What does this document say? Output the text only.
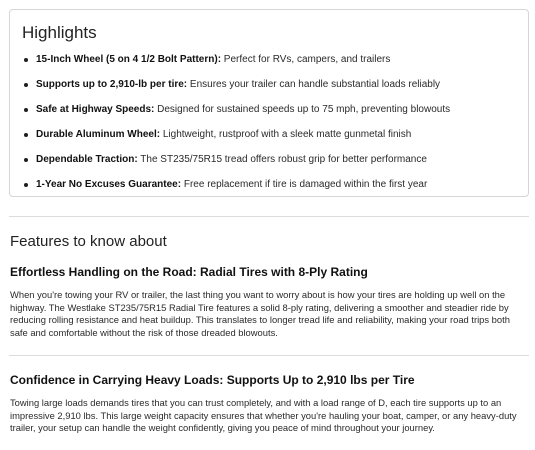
Highlights
15-Inch Wheel (5 on 4 1/2 Bolt Pattern): Perfect for RVs, campers, and trailers
Supports up to 2,910-lb per tire: Ensures your trailer can handle substantial loads reliably
Safe at Highway Speeds: Designed for sustained speeds up to 75 mph, preventing blowouts
Durable Aluminum Wheel: Lightweight, rustproof with a sleek matte gunmetal finish
Dependable Traction: The ST235/75R15 tread offers robust grip for better performance
1-Year No Excuses Guarantee: Free replacement if tire is damaged within the first year
Features to know about
Effortless Handling on the Road: Radial Tires with 8-Ply Rating

When you're towing your RV or trailer, the last thing you want to worry about is how your tires are holding up well on the highway. The Westlake ST235/75R15 Radial Tire features a solid 8-ply rating, delivering a smoother and steadier ride by reducing rolling resistance and heat buildup. This translates to longer tread life and reliability, making your road trips both safe and comfortable without the risk of those dreaded blowouts.

Confidence in Carrying Heavy Loads: Supports Up to 2,910 lbs per Tire

Towing large loads demands tires that you can trust completely, and with a load range of D, each tire supports up to an impressive 2,910 lbs. This large weight capacity ensures that whether you're hauling your boat, camper, or any heavy-duty trailer, your setup can handle the weight confidently, giving you peace of mind throughout your journey.
